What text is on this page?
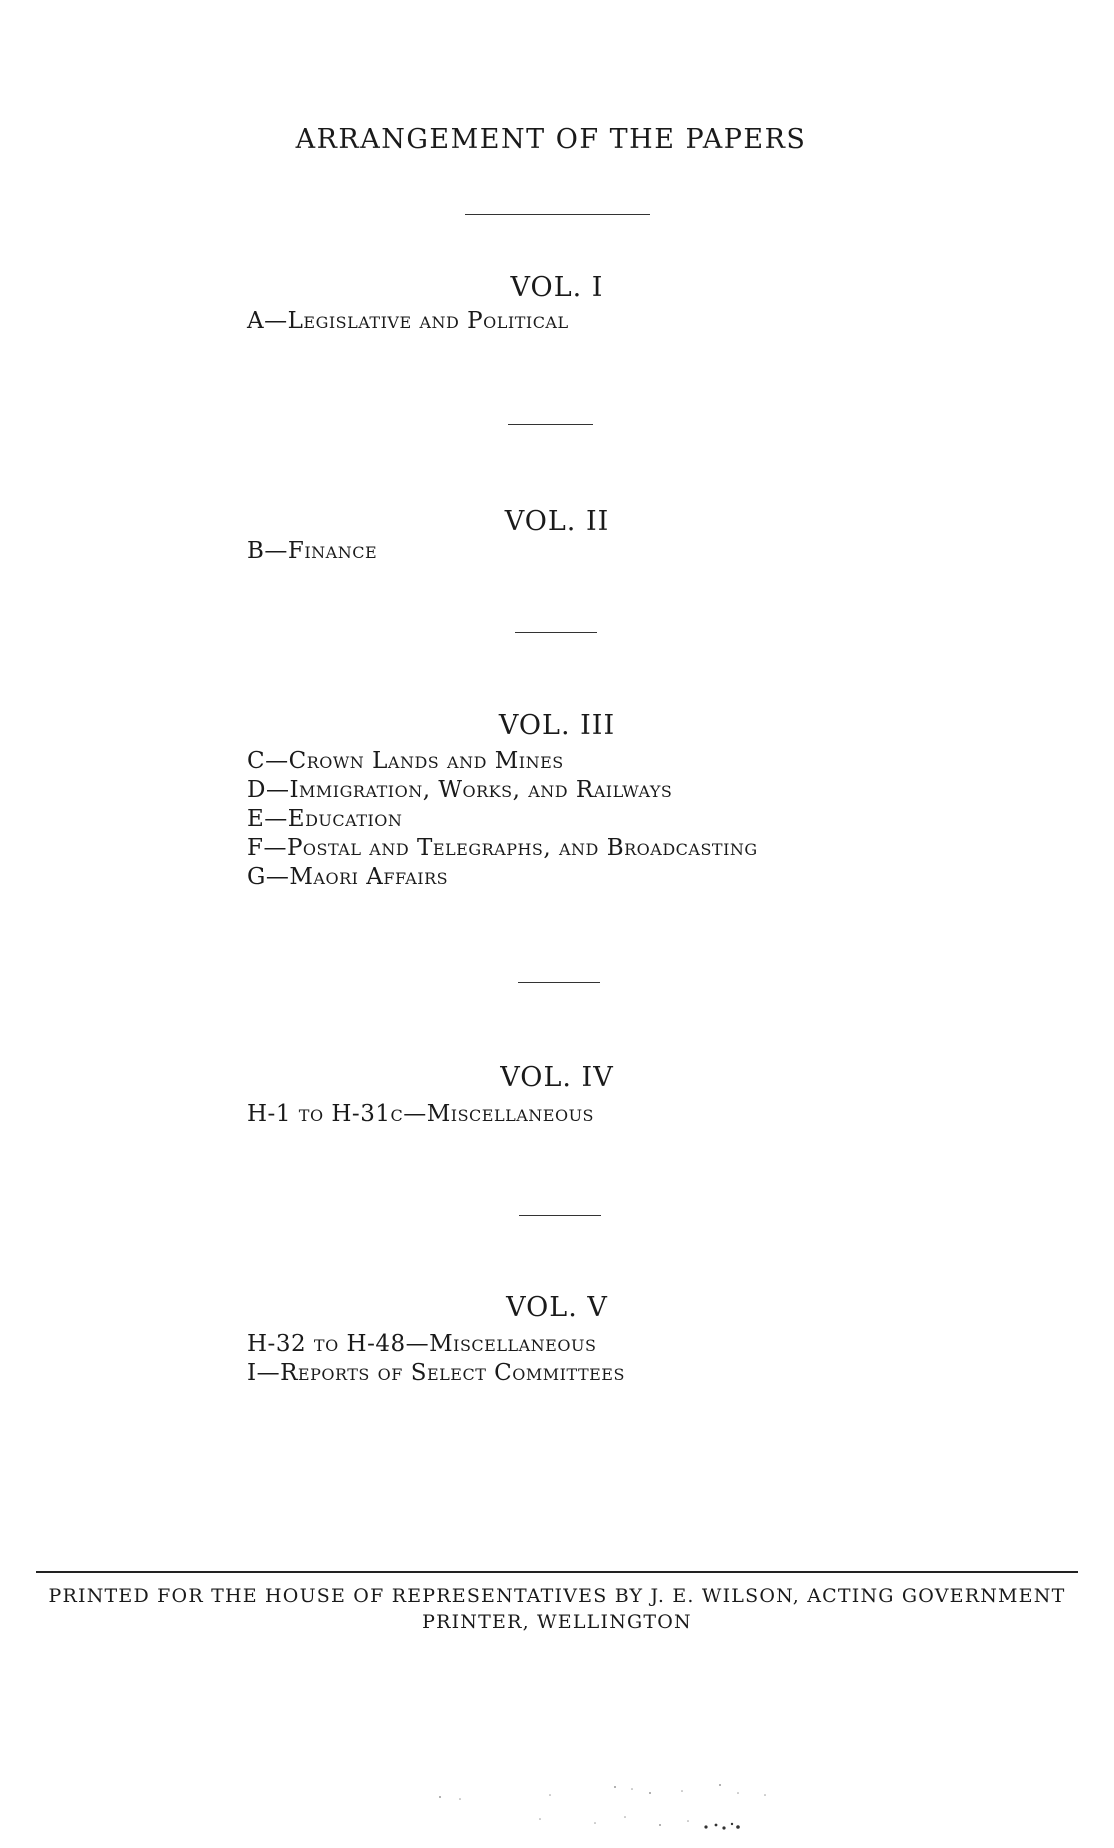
ARRANGEMENT OF THE PAPERS
VOL. I
A—Legislative and Political
VOL. II
B—Finance
VOL. III
C—Crown Lands and Mines
D—Immigration, Works, and Railways
E—Education
F—Postal and Telegraphs, and Broadcasting
G—Maori Affairs
VOL. IV
H-1 to H-31c—Miscellaneous
VOL. V
H-32 to H-48—Miscellaneous
I—Reports of Select Committees
PRINTED FOR THE HOUSE OF REPRESENTATIVES BY J. E. WILSON, ACTING GOVERNMENT
PRINTER, WELLINGTON
